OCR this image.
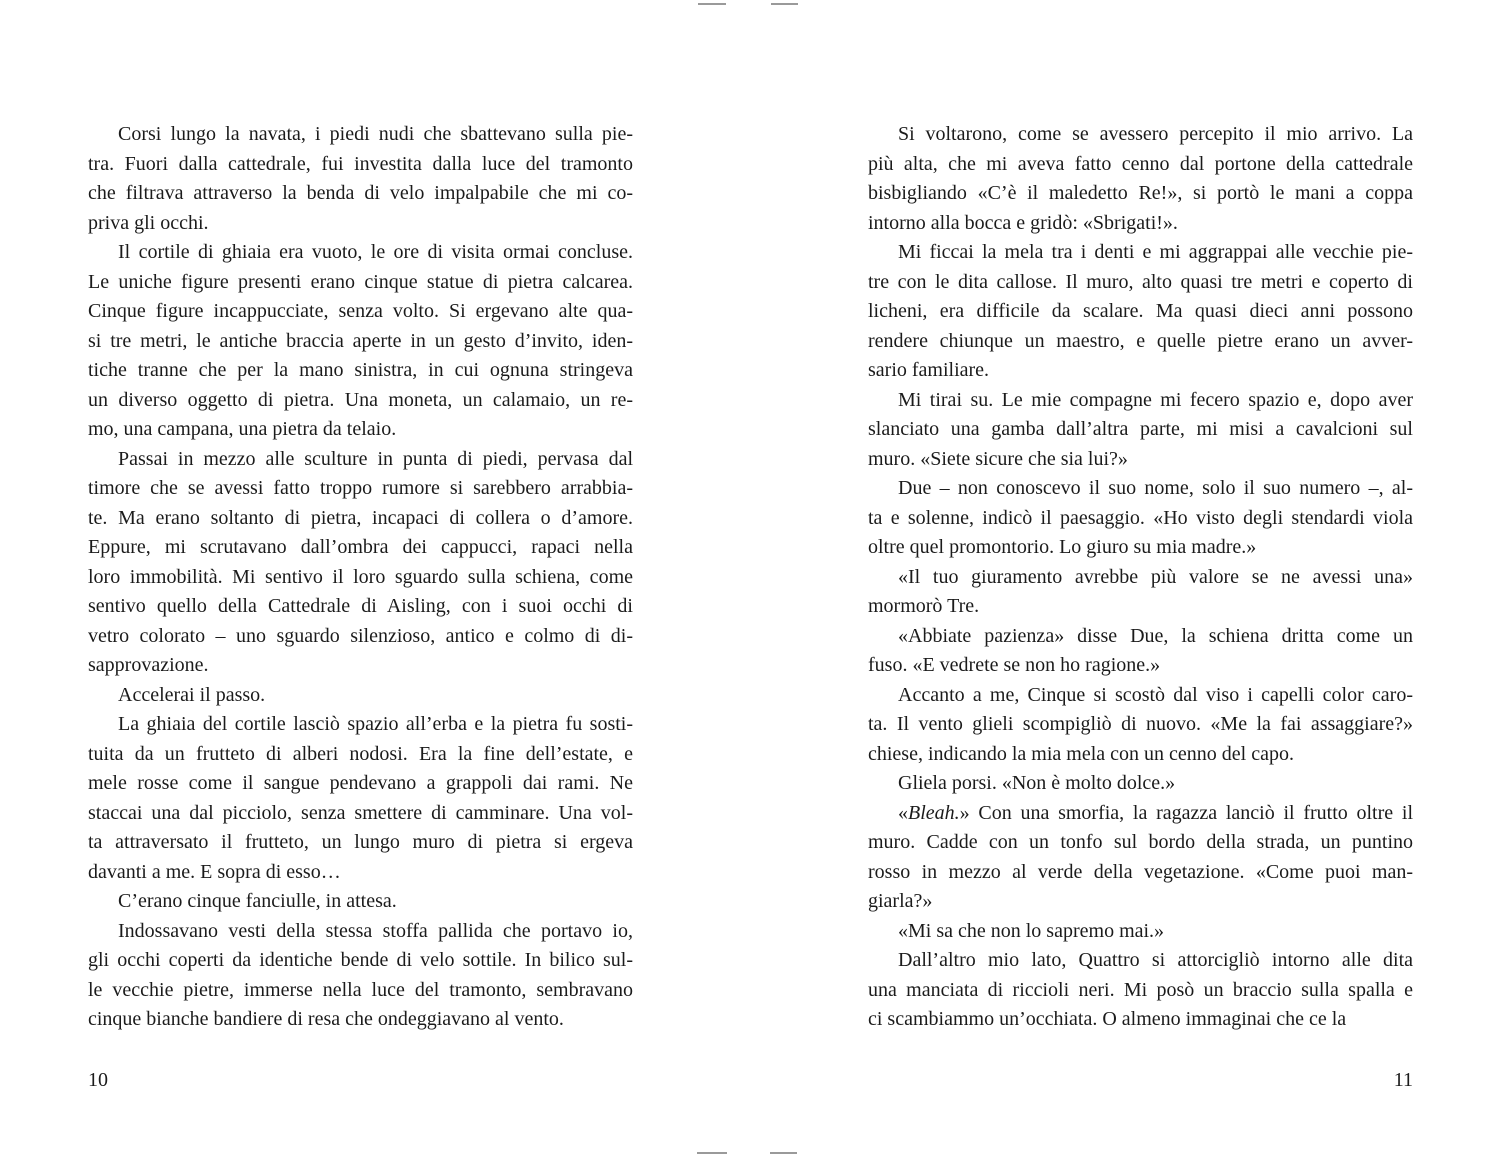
Corsi lungo la navata, i piedi nudi che sbattevano sulla pie-
tra. Fuori dalla cattedrale, fui investita dalla luce del tramonto
che filtrava attraverso la benda di velo impalpabile che mi co-
priva gli occhi.
Il cortile di ghiaia era vuoto, le ore di visita ormai concluse.
Le uniche figure presenti erano cinque statue di pietra calcarea.
Cinque figure incappucciate, senza volto. Si ergevano alte qua-
si tre metri, le antiche braccia aperte in un gesto d’invito, iden-
tiche tranne che per la mano sinistra, in cui ognuna stringeva
un diverso oggetto di pietra. Una moneta, un calamaio, un re-
mo, una campana, una pietra da telaio.
Passai in mezzo alle sculture in punta di piedi, pervasa dal
timore che se avessi fatto troppo rumore si sarebbero arrabbia-
te. Ma erano soltanto di pietra, incapaci di collera o d’amore.
Eppure, mi scrutavano dall’ombra dei cappucci, rapaci nella
loro immobilità. Mi sentivo il loro sguardo sulla schiena, come
sentivo quello della Cattedrale di Aisling, con i suoi occhi di
vetro colorato – uno sguardo silenzioso, antico e colmo di di-
sapprovazione.
Accelerai il passo.
La ghiaia del cortile lasciò spazio all’erba e la pietra fu sosti-
tuita da un frutteto di alberi nodosi. Era la fine dell’estate, e
mele rosse come il sangue pendevano a grappoli dai rami. Ne
staccai una dal picciolo, senza smettere di camminare. Una vol-
ta attraversato il frutteto, un lungo muro di pietra si ergeva
davanti a me. E sopra di esso…
C’erano cinque fanciulle, in attesa.
Indossavano vesti della stessa stoffa pallida che portavo io,
gli occhi coperti da identiche bende di velo sottile. In bilico sul-
le vecchie pietre, immerse nella luce del tramonto, sembravano
cinque bianche bandiere di resa che ondeggiavano al vento.
Si voltarono, come se avessero percepito il mio arrivo. La
più alta, che mi aveva fatto cenno dal portone della cattedrale
bisbigliando «C’è il maledetto Re!», si portò le mani a coppa
intorno alla bocca e gridò: «Sbrigati!».
Mi ficcai la mela tra i denti e mi aggrappai alle vecchie pie-
tre con le dita callose. Il muro, alto quasi tre metri e coperto di
licheni, era difficile da scalare. Ma quasi dieci anni possono
rendere chiunque un maestro, e quelle pietre erano un avver-
sario familiare.
Mi tirai su. Le mie compagne mi fecero spazio e, dopo aver
slanciato una gamba dall’altra parte, mi misi a cavalcioni sul
muro. «Siete sicure che sia lui?»
Due – non conoscevo il suo nome, solo il suo numero –, al-
ta e solenne, indicò il paesaggio. «Ho visto degli stendardi viola
oltre quel promontorio. Lo giuro su mia madre.»
«Il tuo giuramento avrebbe più valore se ne avessi una»
mormorò Tre.
«Abbiate pazienza» disse Due, la schiena dritta come un
fuso. «E vedrete se non ho ragione.»
Accanto a me, Cinque si scostò dal viso i capelli color caro-
ta. Il vento glieli scompigliò di nuovo. «Me la fai assaggiare?»
chiese, indicando la mia mela con un cenno del capo.
Gliela porsi. «Non è molto dolce.»
«Bleah.» Con una smorfia, la ragazza lanciò il frutto oltre il
muro. Cadde con un tonfo sul bordo della strada, un puntino
rosso in mezzo al verde della vegetazione. «Come puoi man-
giarla?»
«Mi sa che non lo sapremo mai.»
Dall’altro mio lato, Quattro si attorcigliò intorno alle dita
una manciata di riccioli neri. Mi posò un braccio sulla spalla e
ci scambiammo un’occhiata. O almeno immaginai che ce la
10	11
